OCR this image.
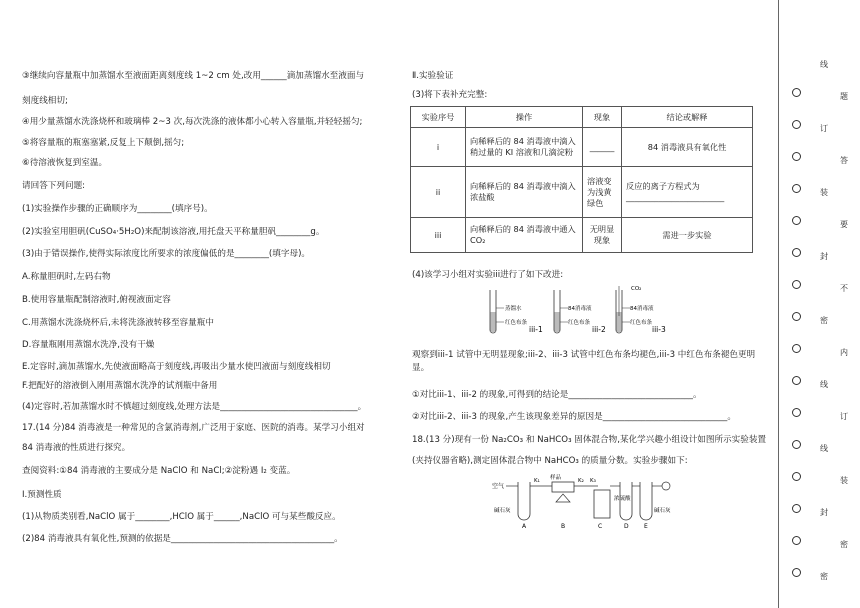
③继续向容量瓶中加蒸馏水至液面距离刻度线 1~2 cm 处,改用______滴加蒸馏水至液面与
刻度线相切;
④用少量蒸馏水洗涤烧杯和玻璃棒 2~3 次,每次洗涤的液体都小心转入容量瓶,并轻轻摇匀;
⑤将容量瓶的瓶塞塞紧,反复上下颠倒,摇匀;
⑥待溶液恢复到室温。
请回答下列问题:
(1)实验操作步骤的正确顺序为________(填序号)。
(2)实验室用胆矾(CuSO₄·5H₂O)来配制该溶液,用托盘天平称量胆矾________g。
(3)由于错误操作,使得实际浓度比所要求的浓度偏低的是________(填字母)。
A.称量胆矾时,左码右物
B.使用容量瓶配制溶液时,俯视液面定容
C.用蒸馏水洗涤烧杯后,未将洗涤液转移至容量瓶中
D.容量瓶刚用蒸馏水洗净,没有干燥
E.定容时,滴加蒸馏水,先使液面略高于刻度线,再吸出少量水使凹液面与刻度线相切
F.把配好的溶液倒入刚用蒸馏水洗净的试剂瓶中备用
(4)定容时,若加蒸馏水时不慎超过刻度线,处理方法是________________________________。
17.(14 分)84 消毒液是一种常见的含氯消毒剂,广泛用于家庭、医院的消毒。某学习小组对
84 消毒液的性质进行探究。
查阅资料:①84 消毒液的主要成分是 NaClO 和 NaCl;②淀粉遇 I₂ 变蓝。
Ⅰ.预测性质
(1)从物质类别看,NaClO 属于________,HClO 属于______,NaClO 可与某些酸反应。
(2)84 消毒液具有氧化性,预测的依据是______________________________________。
Ⅱ.实验验证
(3)将下表补充完整:
实验序号	操作	现象	结论或解释
i	向稀释后的 84 消毒液中滴入稍过量的 KI 溶液和几滴淀粉	______	84 消毒液具有氧化性
ii	向稀释后的 84 消毒液中滴入浓盐酸	溶液变为浅黄绿色	反应的离子方程式为________________________
iii	向稀释后的 84 消毒液中通入 CO₂	无明显现象	需进一步实验
(4)该学习小组对实验iii进行了如下改进:
蒸馏水
红色布条
iii-1
84消毒液
红色布条
iii-2
CO₂
84消毒液
红色布条
iii-3
观察到iii-1 试管中无明显现象;iii-2、iii-3 试管中红色布条均褪色,iii-3 中红色布条褪色更明
显。
①对比iii-1、iii-2 的现象,可得到的结论是_____________________________。
②对比iii-2、iii-3 的现象,产生该现象差异的原因是_____________________________。
18.(13 分)现有一份 Na₂CO₃ 和 NaHCO₃ 固体混合物,某化学兴趣小组设计如图所示实验装置
(夹持仪器省略),测定固体混合物中 NaHCO₃ 的质量分数。实验步骤如下:
空气
碱石灰
K₁ 样品	K₂ K₃
浓硫酸
碱石灰
A	B	C	D	E
线
题
订
答
装
要
封
不
密
内
线
订
线
装
封
密
密
